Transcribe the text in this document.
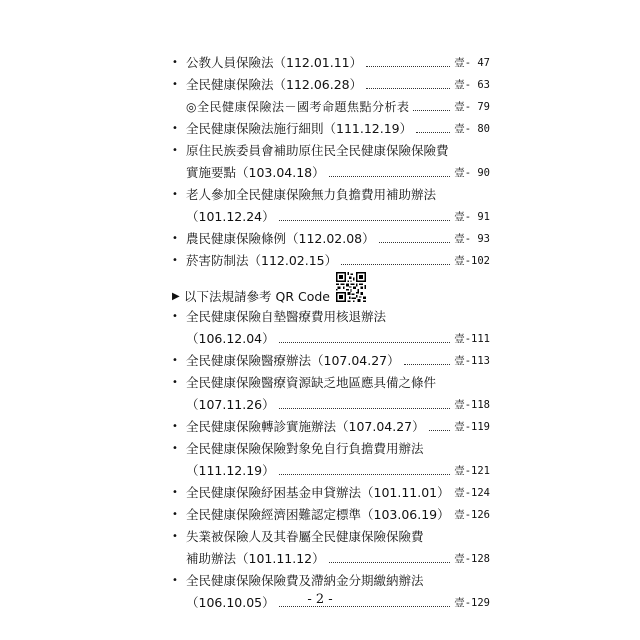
• 公教人員保險法（112.01.11）	壹- 47
• 全民健康保險法（112.06.28）	壹- 63
◎全民健康保險法－國考命題焦點分析表	壹- 79
• 全民健康保險法施行細則（111.12.19）	壹- 80
• 原住民族委員會補助原住民全民健康保險保險費
實施要點（103.04.18）	壹- 90
• 老人參加全民健康保險無力負擔費用補助辦法
（101.12.24）	壹- 91
• 農民健康保險條例（112.02.08）	壹- 93
• 菸害防制法（112.02.15）	壹-102
▶ 以下法規請參考 QR Code
• 全民健康保險自墊醫療費用核退辦法
（106.12.04）	壹-111
• 全民健康保險醫療辦法（107.04.27）	壹-113
• 全民健康保險醫療資源缺乏地區應具備之條件
（107.11.26）	壹-118
• 全民健康保險轉診實施辦法（107.04.27）	壹-119
• 全民健康保險保險對象免自行負擔費用辦法
（111.12.19）	壹-121
• 全民健康保險紓困基金申貸辦法（101.11.01） 壹-124
• 全民健康保險經濟困難認定標準（103.06.19） 壹-126
• 失業被保險人及其眷屬全民健康保險保險費
補助辦法（101.11.12）	壹-128
• 全民健康保險保險費及滯納金分期繳納辦法
（106.10.05）	壹-129
- 2 -
